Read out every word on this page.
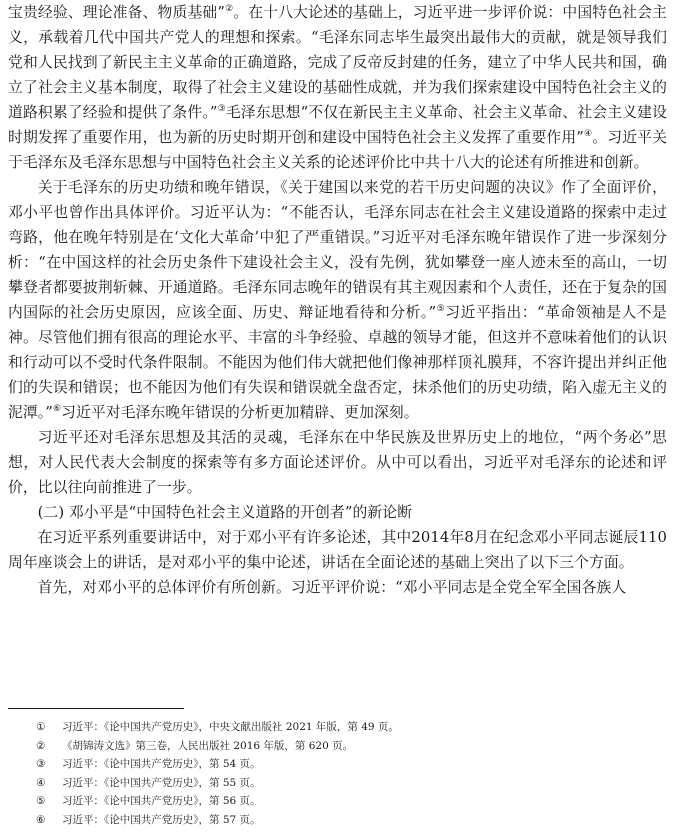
宝贵经验、理论准备、物质基础”②。在十八大论述的基础上，习近平进一步评价说：中国特色社会主义，承载着几代中国共产党人的理想和探索。“毛泽东同志毕生最突出最伟大的贡献，就是领导我们党和人民找到了新民主主义革命的正确道路，完成了反帝反封建的任务，建立了中华人民共和国，确立了社会主义基本制度，取得了社会主义建设的基础性成就，并为我们探索建设中国特色社会主义的道路积累了经验和提供了条件。”③毛泽东思想“不仅在新民主主义革命、社会主义革命、社会主义建设时期发挥了重要作用，也为新的历史时期开创和建设中国特色社会主义发挥了重要作用”④。习近平关于毛泽东及毛泽东思想与中国特色社会主义关系的论述评价比中共十八大的论述有所推进和创新。

关于毛泽东的历史功绩和晚年错误，《关于建国以来党的若干历史问题的决议》作了全面评价，邓小平也曾作出具体评价。习近平认为：“不能否认，毛泽东同志在社会主义建设道路的探索中走过弯路，他在晚年特别是在‘文化大革命’中犯了严重错误。”习近平对毛泽东晚年错误作了进一步深刻分析：“在中国这样的社会历史条件下建设社会主义，没有先例，犹如攀登一座人迹未至的高山，一切攀登者都要披荆斩棘、开通道路。毛泽东同志晚年的错误有其主观因素和个人责任，还在于复杂的国内国际的社会历史原因，应该全面、历史、辩证地看待和分析。”⑤习近平指出：“革命领袖是人不是神。尽管他们拥有很高的理论水平、丰富的斗争经验、卓越的领导才能，但这并不意味着他们的认识和行动可以不受时代条件限制。不能因为他们伟大就把他们像神那样顶礼膜拜，不容许提出并纠正他们的失误和错误；也不能因为他们有失误和错误就全盘否定，抹杀他们的历史功绩，陷入虚无主义的泥潭。”⑥习近平对毛泽东晚年错误的分析更加精辟、更加深刻。

习近平还对毛泽东思想及其活的灵魂，毛泽东在中华民族及世界历史上的地位，“两个务必”思想，对人民代表大会制度的探索等有多方面论述评价。从中可以看出，习近平对毛泽东的论述和评价，比以往向前推进了一步。

(二) 邓小平是“中国特色社会主义道路的开创者”的新论断

在习近平系列重要讲话中，对于邓小平有许多论述，其中2014年8月在纪念邓小平同志诞辰110周年座谈会上的讲话，是对邓小平的集中论述，讲话在全面论述的基础上突出了以下三个方面。

首先，对邓小平的总体评价有所创新。习近平评价说：“邓小平同志是全党全军全国各族人

①	习近平：《论中国共产党历史》，中央文献出版社 2021 年版，第 49 页。
②	《胡锦涛文选》第三卷，人民出版社 2016 年版，第 620 页。
③	习近平：《论中国共产党历史》，第 54 页。
④	习近平：《论中国共产党历史》，第 55 页。
⑤	习近平：《论中国共产党历史》，第 56 页。
⑥	习近平：《论中国共产党历史》，第 57 页。
